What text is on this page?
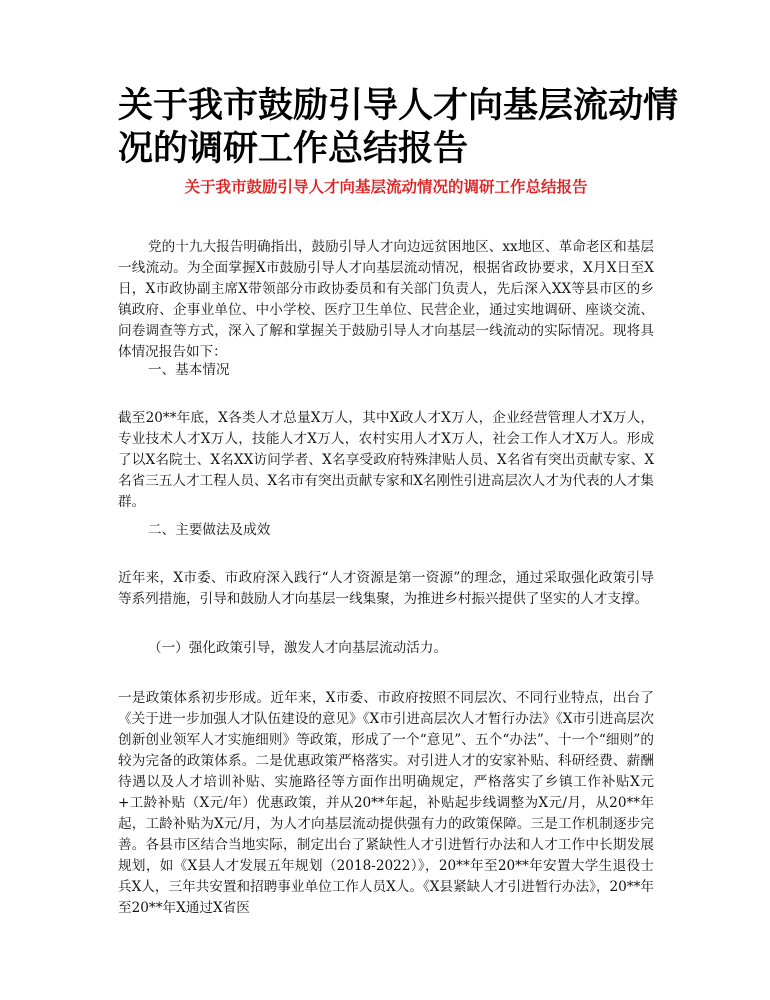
关于我市鼓励引导人才向基层流动情况的调研工作总结报告
关于我市鼓励引导人才向基层流动情况的调研工作总结报告

党的十九大报告明确指出，鼓励引导人才向边远贫困地区、xx地区、革命老区和基层一线流动。为全面掌握X市鼓励引导人才向基层流动情况，根据省政协要求，X月X日至X日，X市政协副主席X带领部分市政协委员和有关部门负责人，先后深入XX等县市区的乡镇政府、企事业单位、中小学校、医疗卫生单位、民营企业，通过实地调研、座谈交流、问卷调查等方式，深入了解和掌握关于鼓励引导人才向基层一线流动的实际情况。现将具体情况报告如下：

一、基本情况

截至20**年底，X各类人才总量X万人，其中X政人才X万人，企业经营管理人才X万人，专业技术人才X万人，技能人才X万人，农村实用人才X万人，社会工作人才X万人。形成了以X名院士、X名XX访问学者、X名享受政府特殊津贴人员、X名省有突出贡献专家、X名省三五人才工程人员、X名市有突出贡献专家和X名刚性引进高层次人才为代表的人才集群。

二、主要做法及成效

近年来，X市委、市政府深入践行“人才资源是第一资源”的理念，通过采取强化政策引导等系列措施，引导和鼓励人才向基层一线集聚，为推进乡村振兴提供了坚实的人才支撑。

（一）强化政策引导，激发人才向基层流动活力。

一是政策体系初步形成。近年来，X市委、市政府按照不同层次、不同行业特点，出台了《关于进一步加强人才队伍建设的意见》《X市引进高层次人才暂行办法》《X市引进高层次创新创业领军人才实施细则》等政策，形成了一个“意见”、五个“办法”、十一个“细则”的较为完备的政策体系。二是优惠政策严格落实。对引进人才的安家补贴、科研经费、薪酬待遇以及人才培训补贴、实施路径等方面作出明确规定，严格落实了乡镇工作补贴X元+工龄补贴（X元/年）优惠政策，并从20**年起，补贴起步线调整为X元/月，从20**年起，工龄补贴为X元/月，为人才向基层流动提供强有力的政策保障。三是工作机制逐步完善。各县市区结合当地实际，制定出台了紧缺性人才引进暂行办法和人才工作中长期发展规划，如《X县人才发展五年规划（2018-2022）》，20**年至20**年安置大学生退役士兵X人，三年共安置和招聘事业单位工作人员X人。《X县紧缺人才引进暂行办法》，20**年至20**年X通过X省医
